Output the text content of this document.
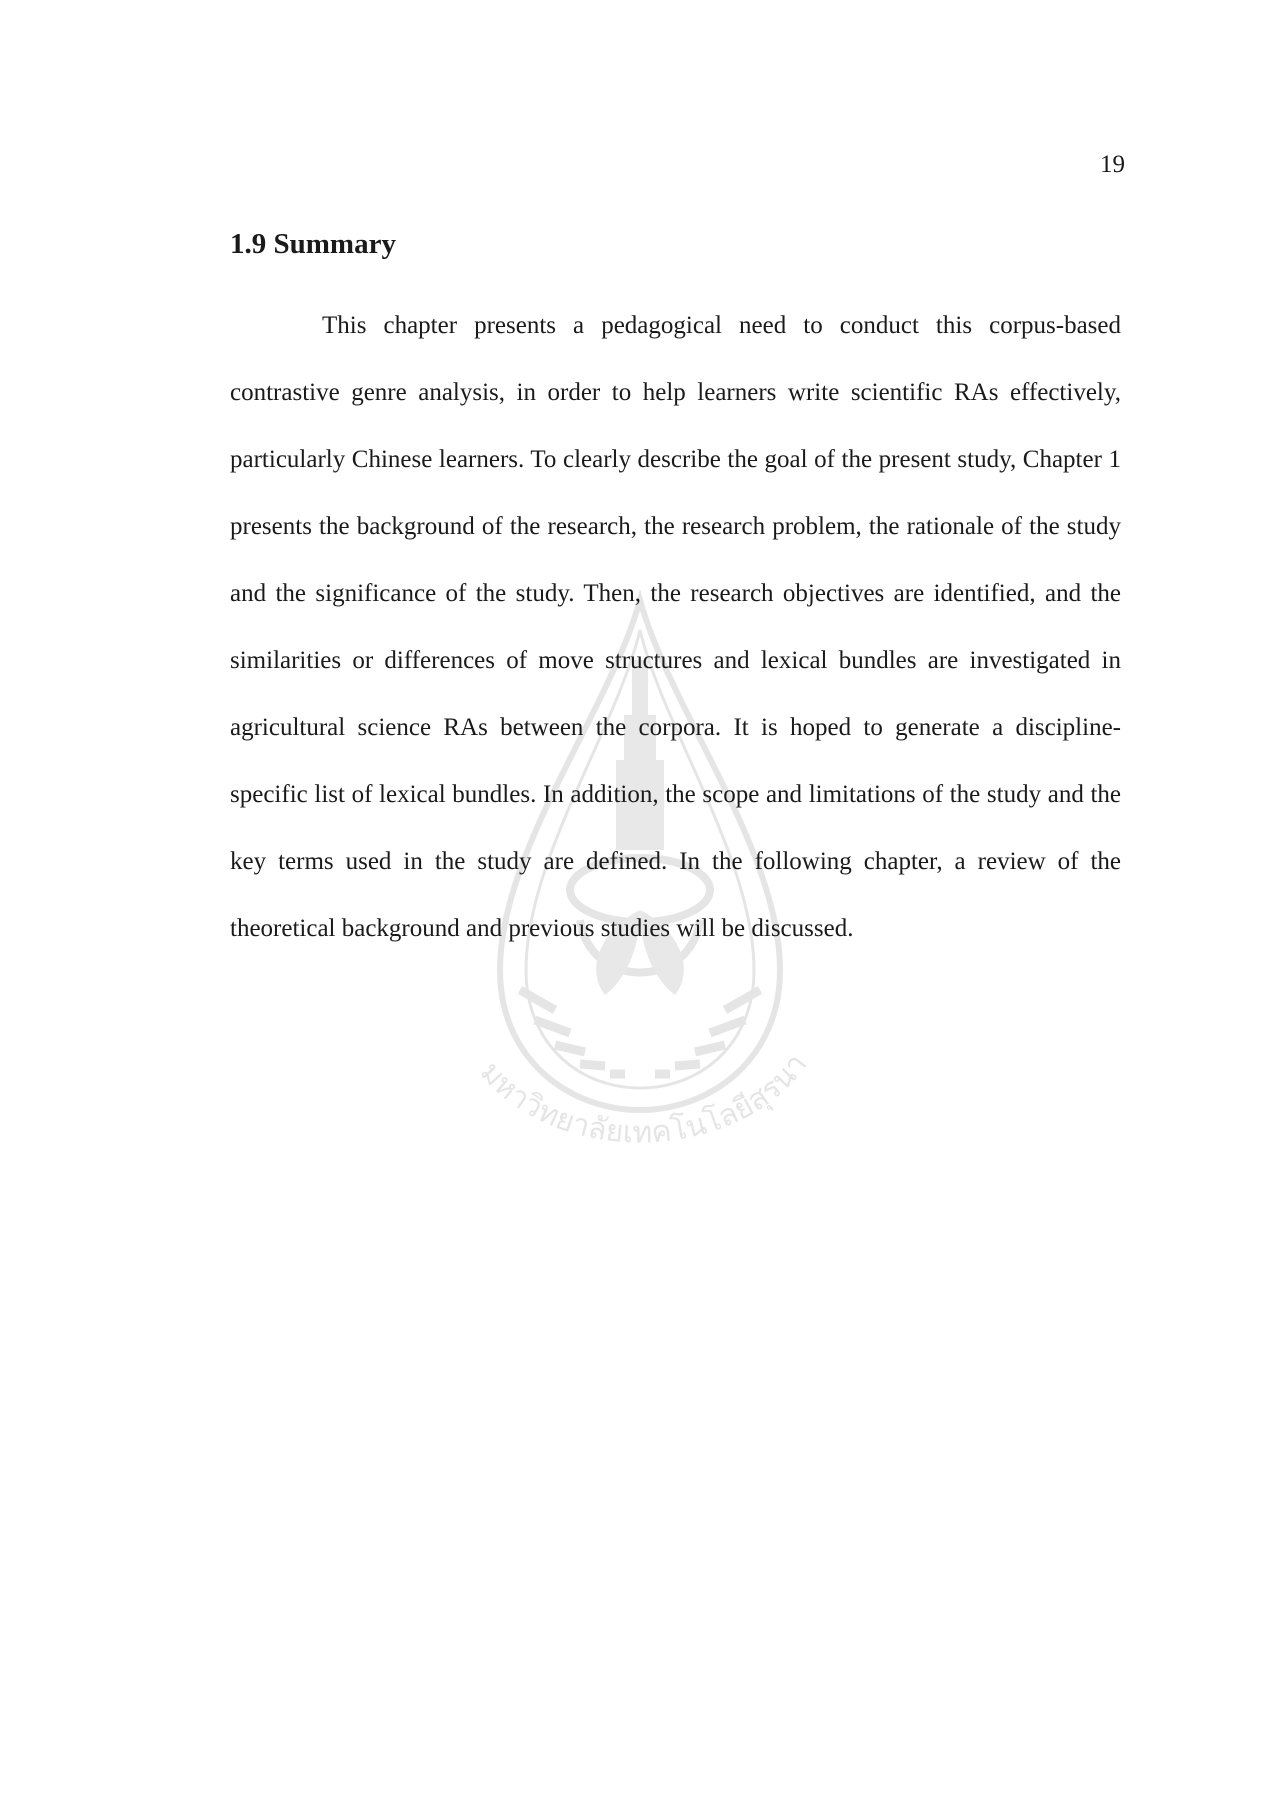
มหาวิทยาลัยเทคโนโลยีสุรนา
19
1.9 Summary

This chapter presents a pedagogical need to conduct this corpus-based contrastive genre analysis, in order to help learners write scientific RAs effectively, particularly Chinese learners. To clearly describe the goal of the present study, Chapter 1 presents the background of the research, the research problem, the rationale of the study and the significance of the study. Then, the research objectives are identified, and the similarities or differences of move structures and lexical bundles are investigated in agricultural science RAs between the corpora. It is hoped to generate a discipline-specific list of lexical bundles. In addition, the scope and limitations of the study and the key terms used in the study are defined. In the following chapter, a review of the theoretical background and previous studies will be discussed.
